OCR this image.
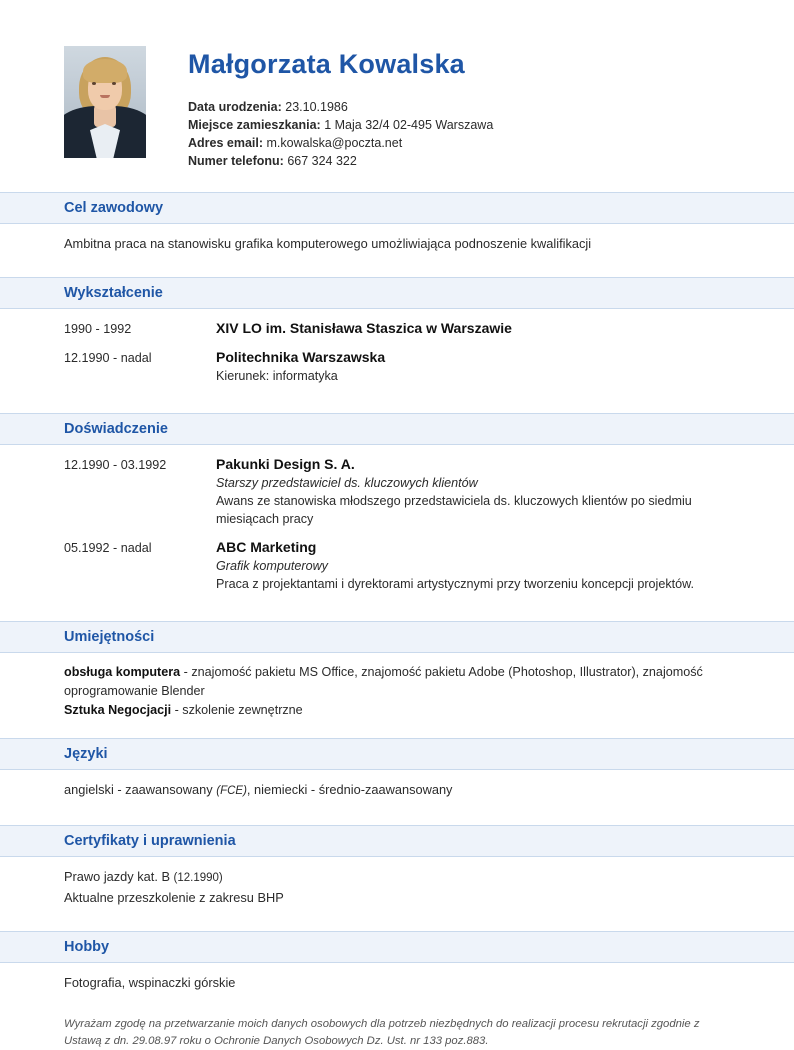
Małgorzata Kowalska
Data urodzenia: 23.10.1986
Miejsce zamieszkania: 1 Maja 32/4 02-495 Warszawa
Adres email: m.kowalska@poczta.net
Numer telefonu: 667 324 322
Cel zawodowy
Ambitna praca na stanowisku grafika komputerowego umożliwiająca podnoszenie kwalifikacji
Wykształcenie
1990 - 1992	XIV LO im. Stanisława Staszica w Warszawie
12.1990 - nadal	Politechnika Warszawska
Kierunek: informatyka
Doświadczenie
12.1990 - 03.1992	Pakunki Design S. A.
Starszy przedstawiciel ds. kluczowych klientów
Awans ze stanowiska młodszego przedstawiciela ds. kluczowych klientów po siedmiu miesiącach pracy
05.1992 - nadal	ABC Marketing
Grafik komputerowy
Praca z projektantami i dyrektorami artystycznymi przy tworzeniu koncepcji projektów.
Umiejętności
obsługa komputera - znajomość pakietu MS Office, znajomość pakietu Adobe (Photoshop, Illustrator), znajomość oprogramowanie Blender
Sztuka Negocjacji - szkolenie zewnętrzne
Języki
angielski - zaawansowany (FCE), niemiecki - średnio-zaawansowany
Certyfikaty i uprawnienia
Prawo jazdy kat. B (12.1990)
Aktualne przeszkolenie z zakresu BHP
Hobby
Fotografia, wspinaczki górskie
Wyrażam zgodę na przetwarzanie moich danych osobowych dla potrzeb niezbędnych do realizacji procesu rekrutacji zgodnie z Ustawą z dn. 29.08.97 roku o Ochronie Danych Osobowych Dz. Ust. nr 133 poz.883.
